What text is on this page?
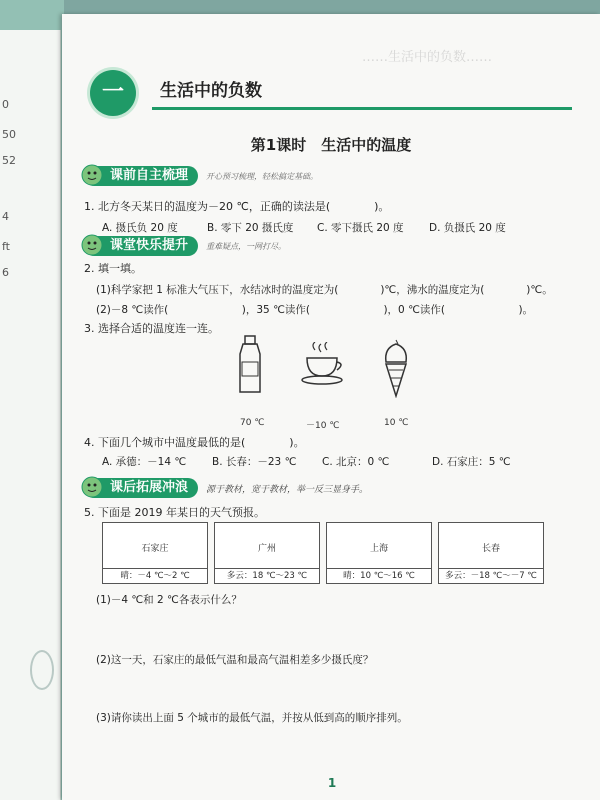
0
50
52
4
ft
6
……生活中的负数……
一	生活中的负数
第1课时　生活中的温度
课前自主梳理	开心预习梳理，轻松搞定基础。
1. 北方冬天某日的温度为－20 ℃，正确的读法是(　　　　)。
A. 摄氏负 20 度	B. 零下 20 摄氏度	C. 零下摄氏 20 度	D. 负摄氏 20 度
课堂快乐提升	重难疑点，一网打尽。
2. 填一填。
(1)科学家把 1 标准大气压下，水结冰时的温度定为(　　　　)℃，沸水的温度定为(　　　　)℃。
(2)－8 ℃读作(　　　　　　　)，35 ℃读作(　　　　　　　)，0 ℃读作(　　　　　　　)。
3. 选择合适的温度连一连。
70 ℃	－10 ℃	10 ℃
4. 下面几个城市中温度最低的是(　　　　)。
A. 承德：－14 ℃	B. 长春：－23 ℃	C. 北京：0 ℃	D. 石家庄：5 ℃
课后拓展冲浪	源于教材，宽于教材，举一反三显身手。
5. 下面是 2019 年某日的天气预报。
石家庄
晴：－4 ℃～2 ℃
广州
多云：18 ℃～23 ℃
上海
晴：10 ℃～16 ℃
长春
多云：－18 ℃～－7 ℃
(1)－4 ℃和 2 ℃各表示什么？
(2)这一天，石家庄的最低气温和最高气温相差多少摄氏度？
(3)请你读出上面 5 个城市的最低气温，并按从低到高的顺序排列。
1
